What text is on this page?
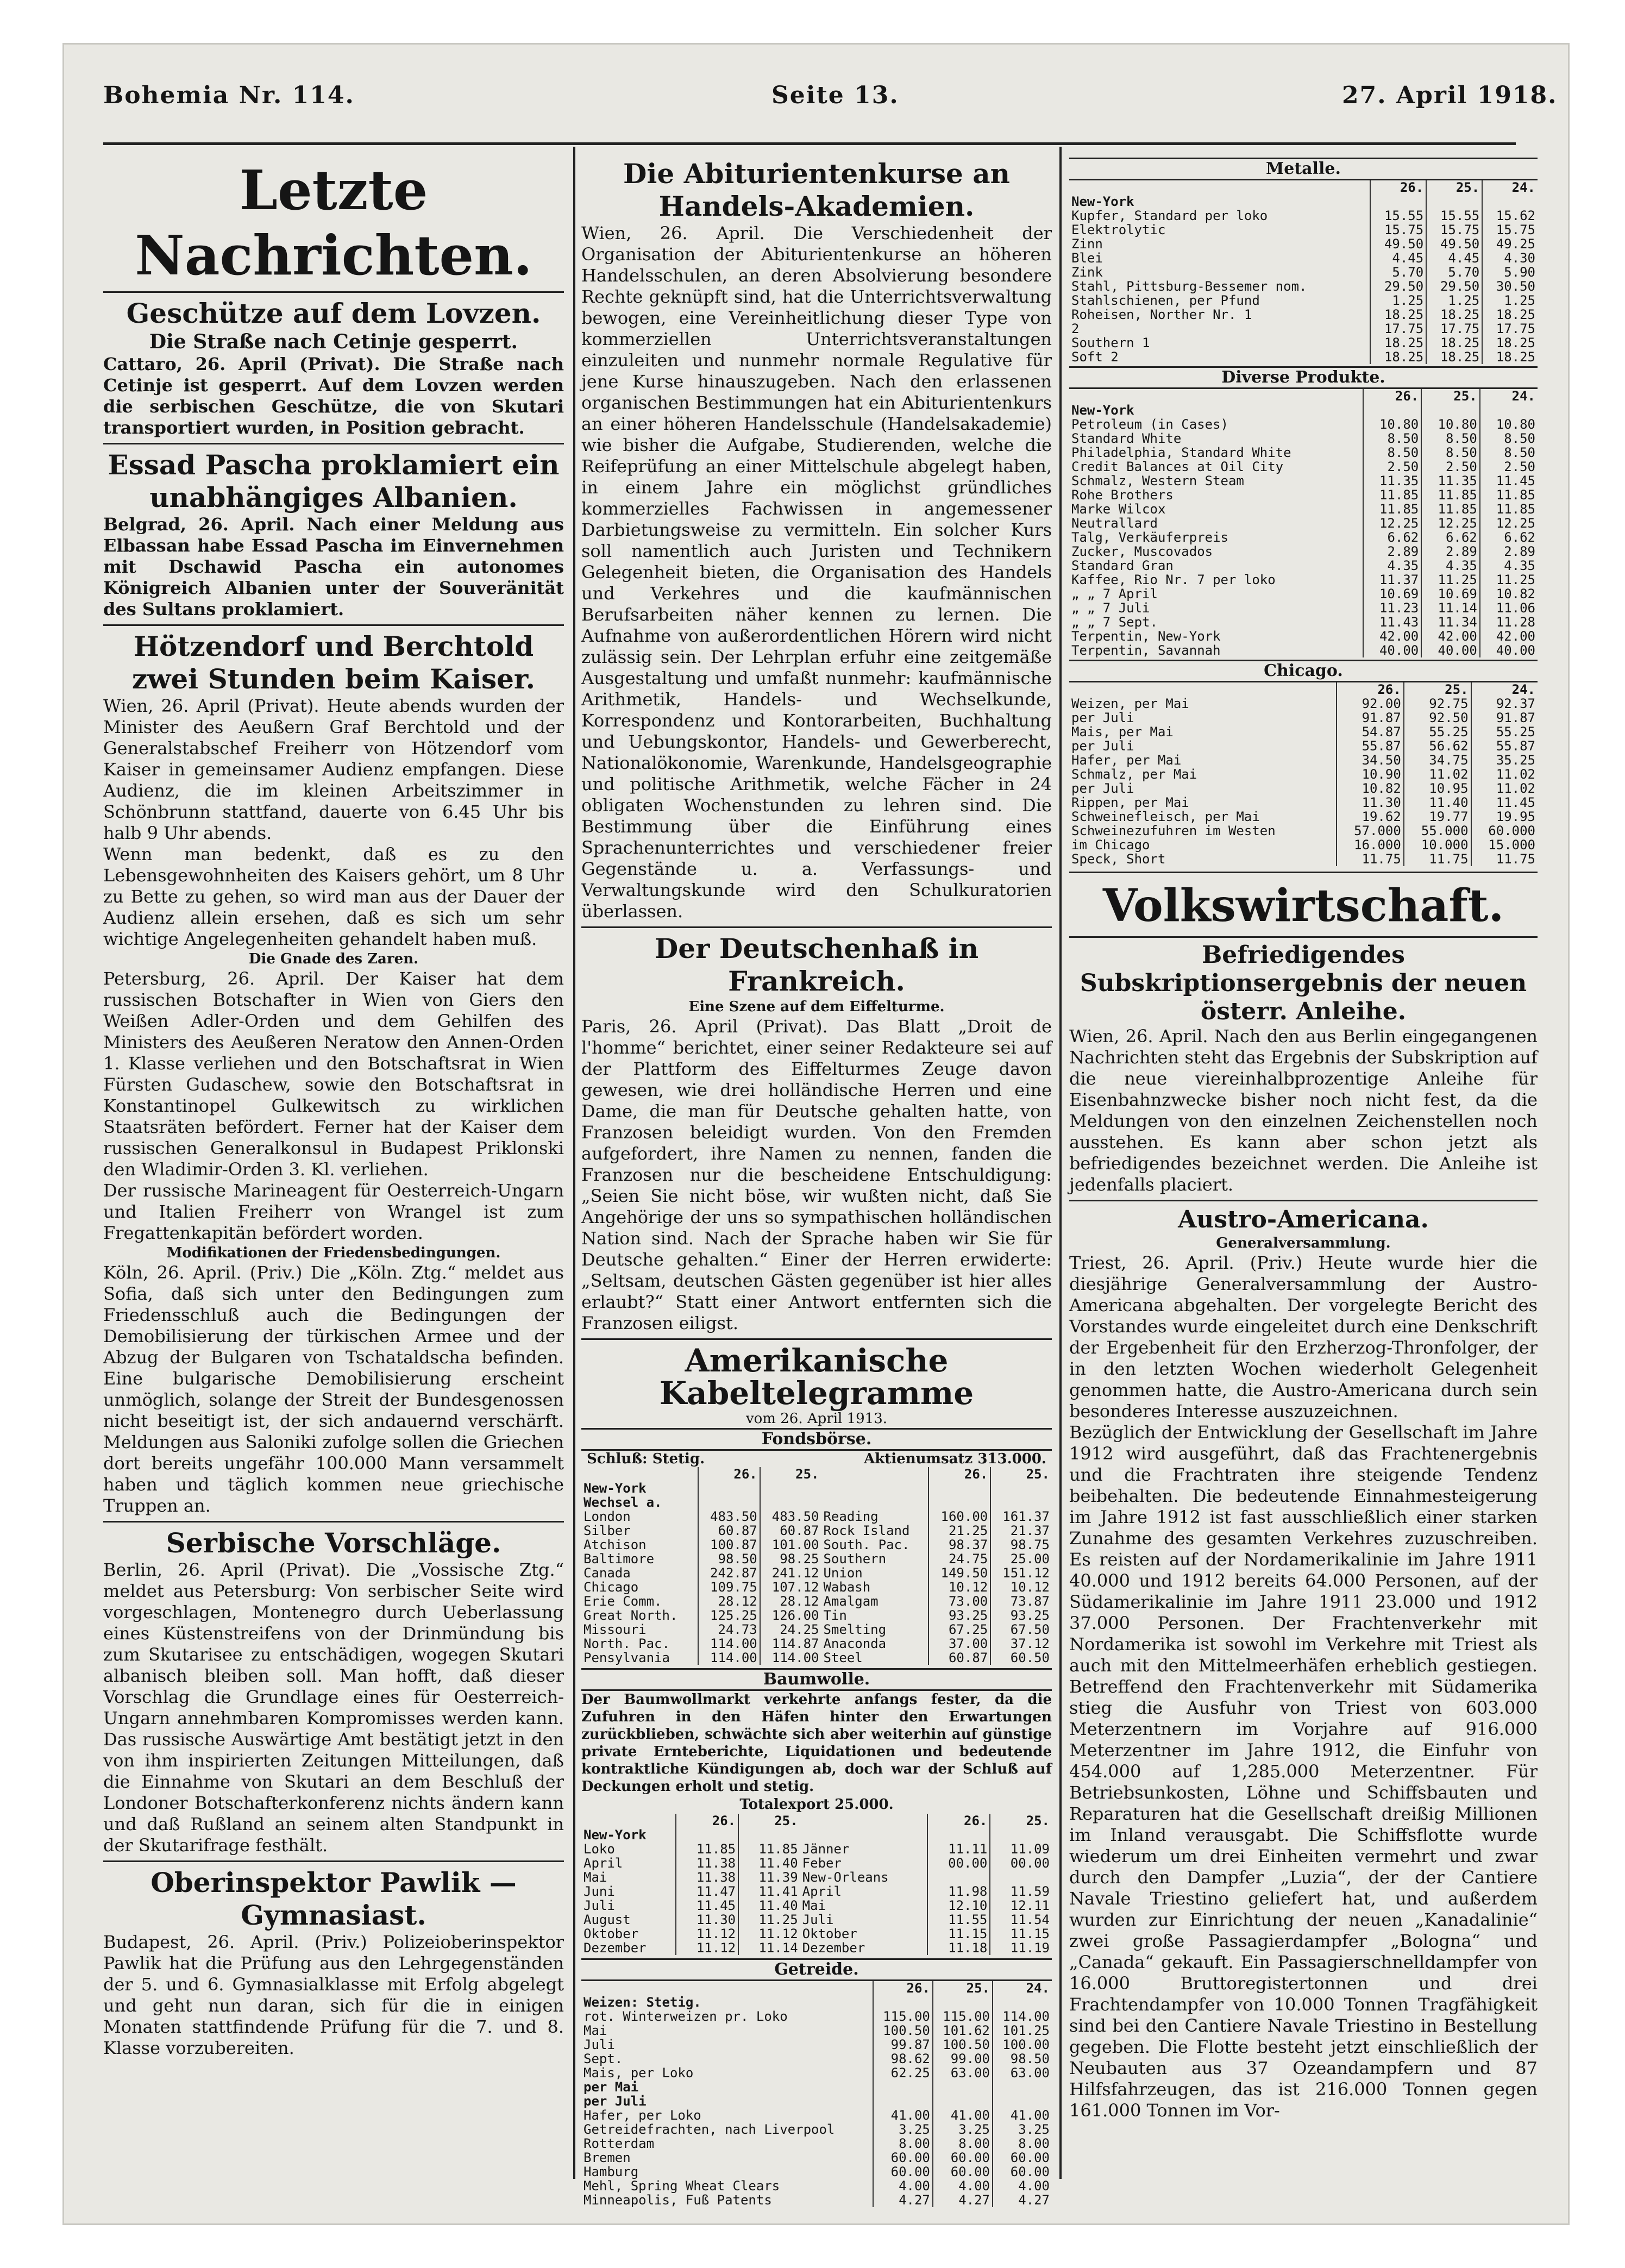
Bohemia Nr. 114.	Seite 13.	27. April 1918.

Letzte Nachrichten.

Geschütze auf dem Lovzen.

Die Straße nach Cetinje gesperrt.

Cattaro, 26. April (Privat). Die Straße nach Cetinje ist gesperrt. Auf dem Lovzen werden die serbischen Geschütze, die von Skutari transportiert wurden, in Position gebracht.

Essad Pascha proklamiert ein unabhängiges Albanien.

Belgrad, 26. April. Nach einer Meldung aus Elbassan habe Essad Pascha im Einvernehmen mit Dschawid Pascha ein autonomes Königreich Albanien unter der Souveränität des Sultans proklamiert.

Hötzendorf und Berchtold zwei Stunden beim Kaiser.

Wien, 26. April (Privat). Heute abends wurden der Minister des Aeußern Graf Berchtold und der Generalstabschef Freiherr von Hötzendorf vom Kaiser in gemeinsamer Audienz empfangen. Diese Audienz, die im kleinen Arbeitszimmer in Schönbrunn stattfand, dauerte von 6.45 Uhr bis halb 9 Uhr abends.

Wenn man bedenkt, daß es zu den Lebensgewohnheiten des Kaisers gehört, um 8 Uhr zu Bette zu gehen, so wird man aus der Dauer der Audienz allein ersehen, daß es sich um sehr wichtige Angelegenheiten gehandelt haben muß.

Die Gnade des Zaren.

Petersburg, 26. April. Der Kaiser hat dem russischen Botschafter in Wien von Giers den Weißen Adler-Orden und dem Gehilfen des Ministers des Aeußeren Neratow den Annen-Orden 1. Klasse verliehen und den Botschaftsrat in Wien Fürsten Gudaschew, sowie den Botschaftsrat in Konstantinopel Gulkewitsch zu wirklichen Staatsräten befördert. Ferner hat der Kaiser dem russischen Generalkonsul in Budapest Priklonski den Wladimir-Orden 3. Kl. verliehen.

Der russische Marineagent für Oesterreich-Ungarn und Italien Freiherr von Wrangel ist zum Fregattenkapitän befördert worden.

Modifikationen der Friedensbedingungen.

Köln, 26. April. (Priv.) Die „Köln. Ztg.“ meldet aus Sofia, daß sich unter den Bedingungen zum Friedensschluß auch die Bedingungen der Demobilisierung der türkischen Armee und der Abzug der Bulgaren von Tschataldscha befinden. Eine bulgarische Demobilisierung erscheint unmöglich, solange der Streit der Bundesgenossen nicht beseitigt ist, der sich andauernd verschärft. Meldungen aus Saloniki zufolge sollen die Griechen dort bereits ungefähr 100.000 Mann versammelt haben und täglich kommen neue griechische Truppen an.

Serbische Vorschläge.

Berlin, 26. April (Privat). Die „Vossische Ztg.“ meldet aus Petersburg: Von serbischer Seite wird vorgeschlagen, Montenegro durch Ueberlassung eines Küstenstreifens von der Drinmündung bis zum Skutarisee zu entschädigen, wogegen Skutari albanisch bleiben soll. Man hofft, daß dieser Vorschlag die Grundlage eines für Oesterreich-Ungarn annehmbaren Kompromisses werden kann. Das russische Auswärtige Amt bestätigt jetzt in den von ihm inspirierten Zeitungen Mitteilungen, daß die Einnahme von Skutari an dem Beschluß der Londoner Botschafterkonferenz nichts ändern kann und daß Rußland an seinem alten Standpunkt in der Skutarifrage festhält.

Oberinspektor Pawlik — Gymnasiast.

Budapest, 26. April. (Priv.) Polizeioberinspektor Pawlik hat die Prüfung aus den Lehrgegenständen der 5. und 6. Gymnasialklasse mit Erfolg abgelegt und geht nun daran, sich für die in einigen Monaten stattfindende Prüfung für die 7. und 8. Klasse vorzubereiten.

Die Abiturientenkurse an Handels-Akademien.

Wien, 26. April. Die Verschiedenheit der Organisation der Abiturientenkurse an höheren Handelsschulen, an deren Absolvierung besondere Rechte geknüpft sind, hat die Unterrichtsverwaltung bewogen, eine Vereinheitlichung dieser Type von kommerziellen Unterrichtsveranstaltungen einzuleiten und nunmehr normale Regulative für jene Kurse hinauszugeben. Nach den erlassenen organischen Bestimmungen hat ein Abiturientenkurs an einer höheren Handelsschule (Handelsakademie) wie bisher die Aufgabe, Studierenden, welche die Reifeprüfung an einer Mittelschule abgelegt haben, in einem Jahre ein möglichst gründliches kommerzielles Fachwissen in angemessener Darbietungsweise zu vermitteln. Ein solcher Kurs soll namentlich auch Juristen und Technikern Gelegenheit bieten, die Organisation des Handels und Verkehres und die kaufmännischen Berufsarbeiten näher kennen zu lernen. Die Aufnahme von außerordentlichen Hörern wird nicht zulässig sein. Der Lehrplan erfuhr eine zeitgemäße Ausgestaltung und umfaßt nunmehr: kaufmännische Arithmetik, Handels- und Wechselkunde, Korrespondenz und Kontorarbeiten, Buchhaltung und Uebungskontor, Handels- und Gewerberecht, Nationalökonomie, Warenkunde, Handelsgeographie und politische Arithmetik, welche Fächer in 24 obligaten Wochenstunden zu lehren sind. Die Bestimmung über die Einführung eines Sprachenunterrichtes und verschiedener freier Gegenstände u. a. Verfassungs- und Verwaltungskunde wird den Schulkuratorien überlassen.

Der Deutschenhaß in Frankreich.

Eine Szene auf dem Eiffelturme.

Paris, 26. April (Privat). Das Blatt „Droit de l'homme“ berichtet, einer seiner Redakteure sei auf der Plattform des Eiffelturmes Zeuge davon gewesen, wie drei holländische Herren und eine Dame, die man für Deutsche gehalten hatte, von Franzosen beleidigt wurden. Von den Fremden aufgefordert, ihre Namen zu nennen, fanden die Franzosen nur die bescheidene Entschuldigung: „Seien Sie nicht böse, wir wußten nicht, daß Sie Angehörige der uns so sympathischen holländischen Nation sind. Nach der Sprache haben wir Sie für Deutsche gehalten.“ Einer der Herren erwiderte: „Seltsam, deutschen Gästen gegenüber ist hier alles erlaubt?“ Statt einer Antwort entfernten sich die Franzosen eiligst.

Amerikanische Kabeltelegramme

vom 26. April 1913.

Fondsbörse.

Schluß: Stetig.	Aktienumsatz 313.000.
	26.	25.		26.	25.
New-York					
Wechsel a.					
London	483.50	483.50	Reading	160.00	161.37
Silber	60.87	60.87	Rock Island	21.25	21.37
Atchison	100.87	101.00	South. Pac.	98.37	98.75
Baltimore	98.50	98.25	Southern	24.75	25.00
Canada	242.87	241.12	Union	149.50	151.12
Chicago	109.75	107.12	Wabash	10.12	10.12
Erie Comm.	28.12	28.12	Amalgam	73.00	73.87
Great North.	125.25	126.00	Tin	93.25	93.25
Missouri	24.73	24.25	Smelting	67.25	67.50
North. Pac.	114.00	114.87	Anaconda	37.00	37.12
Pensylvania	114.00	114.00	Steel	60.87	60.50

Baumwolle.

Der Baumwollmarkt verkehrte anfangs fester, da die Zufuhren in den Häfen hinter den Erwartungen zurückblieben, schwächte sich aber weiterhin auf günstige private Ernteberichte, Liquidationen und bedeutende kontraktliche Kündigungen ab, doch war der Schluß auf Deckungen erholt und stetig.

Totalexport 25.000.

	26.	25.		26.	25.
New-York					
Loko	11.85	11.85	Jänner	11.11	11.09
April	11.38	11.40	Feber	00.00	00.00
Mai	11.38	11.39	New-Orleans		
Juni	11.47	11.41	April	11.98	11.59
Juli	11.45	11.40	Mai	12.10	12.11
August	11.30	11.25	Juli	11.55	11.54
Oktober	11.12	11.12	Oktober	11.15	11.15
Dezember	11.12	11.14	Dezember	11.18	11.19

Getreide.

	26.	25.	24.
Weizen: Stetig.			
rot. Winterweizen pr. Loko	115.00	115.00	114.00
Mai	100.50	101.62	101.25
Juli	99.87	100.50	100.00
Sept.	98.62	99.00	98.50
Mais, per Loko	62.25	63.00	63.00
per Mai			
per Juli			
Hafer, per Loko	41.00	41.00	41.00
Getreidefrachten, nach Liverpool	3.25	3.25	3.25
Rotterdam	8.00	8.00	8.00
Bremen	60.00	60.00	60.00
Hamburg	60.00	60.00	60.00
Mehl, Spring Wheat Clears	4.00	4.00	4.00
Minneapolis, Fuß Patents	4.27	4.27	4.27

Metalle.

	26.	25.	24.
New-York			
Kupfer, Standard per loko	15.55	15.55	15.62
Elektrolytic	15.75	15.75	15.75
Zinn	49.50	49.50	49.25
Blei	4.45	4.45	4.30
Zink	5.70	5.70	5.90
Stahl, Pittsburg-Bessemer nom.	29.50	29.50	30.50
Stahlschienen, per Pfund	1.25	1.25	1.25
Roheisen, Norther Nr. 1	18.25	18.25	18.25
2	17.75	17.75	17.75
Southern 1	18.25	18.25	18.25
Soft 2	18.25	18.25	18.25

Diverse Produkte.

	26.	25.	24.
New-York			
Petroleum (in Cases)	10.80	10.80	10.80
Standard White	8.50	8.50	8.50
Philadelphia, Standard White	8.50	8.50	8.50
Credit Balances at Oil City	2.50	2.50	2.50
Schmalz, Western Steam	11.35	11.35	11.45
Rohe Brothers	11.85	11.85	11.85
Marke Wilcox	11.85	11.85	11.85
Neutrallard	12.25	12.25	12.25
Talg, Verkäuferpreis	6.62	6.62	6.62
Zucker, Muscovados	2.89	2.89	2.89
Standard Gran	4.35	4.35	4.35
Kaffee, Rio Nr. 7 per loko	11.37	11.25	11.25
„ „ 7 April	10.69	10.69	10.82
„ „ 7 Juli	11.23	11.14	11.06
„ „ 7 Sept.	11.43	11.34	11.28
Terpentin, New-York	42.00	42.00	42.00
Terpentin, Savannah	40.00	40.00	40.00

Chicago.

	26.	25.	24.
Weizen, per Mai	92.00	92.75	92.37
per Juli	91.87	92.50	91.87
Mais, per Mai	54.87	55.25	55.25
per Juli	55.87	56.62	55.87
Hafer, per Mai	34.50	34.75	35.25
Schmalz, per Mai	10.90	11.02	11.02
per Juli	10.82	10.95	11.02
Rippen, per Mai	11.30	11.40	11.45
Schweinefleisch, per Mai	19.62	19.77	19.95
Schweinezufuhren im Westen	57.000	55.000	60.000
im Chicago	16.000	10.000	15.000
Speck, Short	11.75	11.75	11.75

Volkswirtschaft.

Befriedigendes Subskriptionsergebnis der neuen österr. Anleihe.

Wien, 26. April. Nach den aus Berlin eingegangenen Nachrichten steht das Ergebnis der Subskription auf die neue viereinhalbprozentige Anleihe für Eisenbahnzwecke bisher noch nicht fest, da die Meldungen von den einzelnen Zeichenstellen noch ausstehen. Es kann aber schon jetzt als befriedigendes bezeichnet werden. Die Anleihe ist jedenfalls placiert.

Austro-Americana.

Generalversammlung.

Triest, 26. April. (Priv.) Heute wurde hier die diesjährige Generalversammlung der Austro-Americana abgehalten. Der vorgelegte Bericht des Vorstandes wurde eingeleitet durch eine Denkschrift der Ergebenheit für den Erzherzog-Thronfolger, der in den letzten Wochen wiederholt Gelegenheit genommen hatte, die Austro-Americana durch sein besonderes Interesse auszuzeichnen.

Bezüglich der Entwicklung der Gesellschaft im Jahre 1912 wird ausgeführt, daß das Frachtenergebnis und die Frachtraten ihre steigende Tendenz beibehalten. Die bedeutende Einnahmesteigerung im Jahre 1912 ist fast ausschließlich einer starken Zunahme des gesamten Verkehres zuzuschreiben. Es reisten auf der Nordamerikalinie im Jahre 1911 40.000 und 1912 bereits 64.000 Personen, auf der Südamerikalinie im Jahre 1911 23.000 und 1912 37.000 Personen. Der Frachtenverkehr mit Nordamerika ist sowohl im Verkehre mit Triest als auch mit den Mittelmeerhäfen erheblich gestiegen. Betreffend den Frachtenverkehr mit Südamerika stieg die Ausfuhr von Triest von 603.000 Meterzentnern im Vorjahre auf 916.000 Meterzentner im Jahre 1912, die Einfuhr von 454.000 auf 1,285.000 Meterzentner. Für Betriebsunkosten, Löhne und Schiffsbauten und Reparaturen hat die Gesellschaft dreißig Millionen im Inland verausgabt. Die Schiffsflotte wurde wiederum um drei Einheiten vermehrt und zwar durch den Dampfer „Luzia“, der der Cantiere Navale Triestino geliefert hat, und außerdem wurden zur Einrichtung der neuen „Kanadalinie“ zwei große Passagierdampfer „Bologna“ und „Canada“ gekauft. Ein Passagierschnelldampfer von 16.000 Bruttoregistertonnen und drei Frachtendampfer von 10.000 Tonnen Tragfähigkeit sind bei den Cantiere Navale Triestino in Bestellung gegeben. Die Flotte besteht jetzt einschließlich der Neubauten aus 37 Ozeandampfern und 87 Hilfsfahrzeugen, das ist 216.000 Tonnen gegen 161.000 Tonnen im Vor-
